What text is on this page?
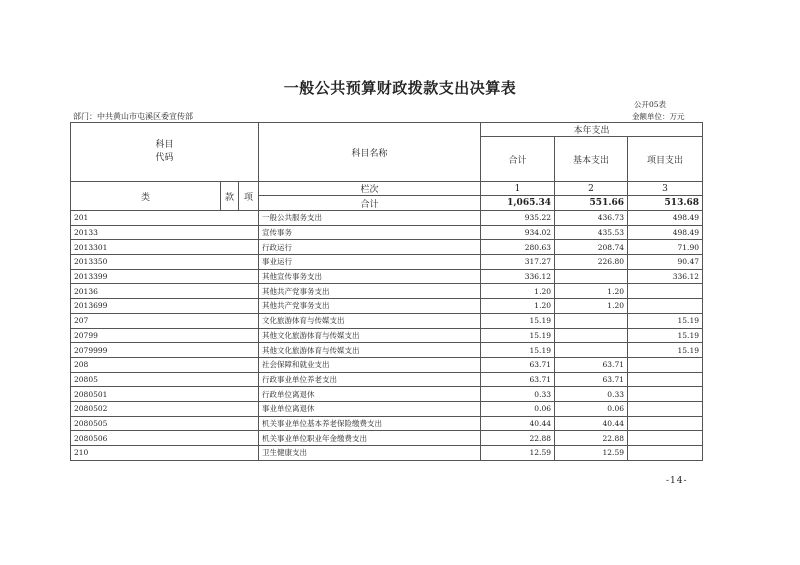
一般公共预算财政拨款支出决算表
公开05表
部门：中共黄山市屯溪区委宣传部	金额单位：万元
科目
代码			科目名称	本年支出		
				合计	基本支出	项目支出
类	款	项	栏次	1	2	3
			合计	1,065.34	551.66	513.68
201			一般公共服务支出	935.22	436.73	498.49
20133			宣传事务	934.02	435.53	498.49
2013301			行政运行	280.63	208.74	71.90
2013350			事业运行	317.27	226.80	90.47
2013399			其他宣传事务支出	336.12		336.12
20136			其他共产党事务支出	1.20	1.20	
2013699			其他共产党事务支出	1.20	1.20	
207			文化旅游体育与传媒支出	15.19		15.19
20799			其他文化旅游体育与传媒支出	15.19		15.19
2079999			其他文化旅游体育与传媒支出	15.19		15.19
208			社会保障和就业支出	63.71	63.71	
20805			行政事业单位养老支出	63.71	63.71	
2080501			行政单位离退休	0.33	0.33	
2080502			事业单位离退休	0.06	0.06	
2080505			机关事业单位基本养老保险缴费支出	40.44	40.44	
2080506			机关事业单位职业年金缴费支出	22.88	22.88	
210			卫生健康支出	12.59	12.59	
-14-
